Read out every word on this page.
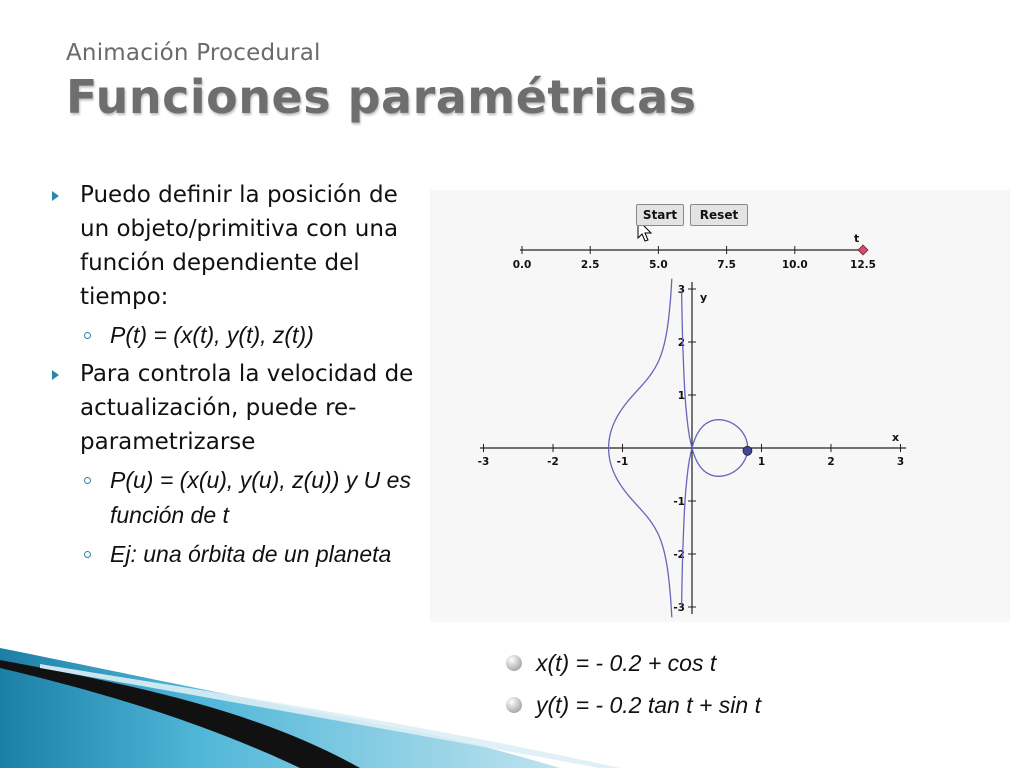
Animación Procedural
Funciones paramétricas
Puedo definir la posición de un objeto/primitiva con una función dependiente del tiempo:
P(t) = (x(t), y(t), z(t))
Para controla la velocidad de actualización, puede re-parametrizarse
P(u) = (x(u), y(u), z(u)) y U es función de t
Ej: una órbita de un planeta
Start	Reset
0.0	2.5	5.0	7.5	10.0	12.5
t
-3	-2	-1	1	2	3
3
2
1
-1
-2
-3
x
y
x(t) = - 0.2 + cos t
y(t) = - 0.2 tan t + sin t
